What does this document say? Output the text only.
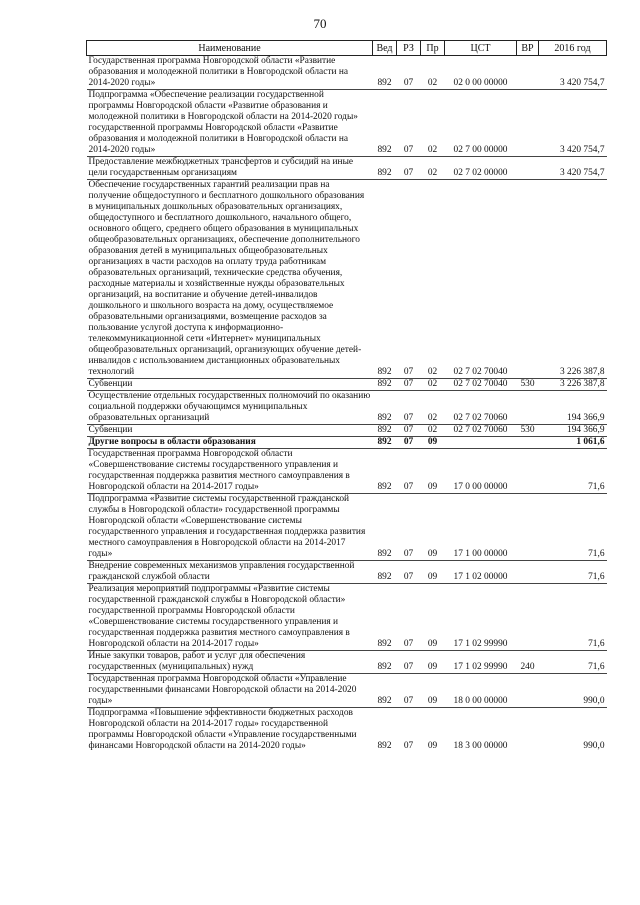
70
Наименование	Вед	РЗ	Пр	ЦСТ	ВР	2016 год
Государственная программа Новгородской области «Развитие образования и молодежной политики в Новгородской области на 2014-2020 годы»	892	07	02	02 0 00 00000		3 420 754,7
Подпрограмма «Обеспечение реализации государственной программы Новгородской области «Развитие образования и молодежной политики в Новгородской области на 2014-2020 годы» государственной программы Новгородской области «Развитие образования и молодежной политики в Новгородской области на 2014-2020 годы»	892	07	02	02 7 00 00000		3 420 754,7
Предоставление межбюджетных трансфертов и субсидий на иные цели государственным организациям	892	07	02	02 7 02 00000		3 420 754,7
Обеспечение государственных гарантий реализации прав на получение общедоступного и бесплатного дошкольного образования в муниципальных дошкольных образовательных организациях, общедоступного и бесплатного дошкольного, начального общего, основного общего, среднего общего образования в муниципальных общеобразовательных организациях, обеспечение дополнительного образования детей в муниципальных общеобразовательных организациях в части расходов на оплату труда работникам образовательных организаций, технические средства обучения, расходные материалы и хозяйственные нужды образовательных организаций, на воспитание и обучение детей-инвалидов дошкольного и школьного возраста на дому, осуществляемое образовательными организациями, возмещение расходов за пользование услугой доступа к информационно-телекоммуникационной сети «Интернет» муниципальных общеобразовательных организаций, организующих обучение детей-инвалидов с использованием дистанционных образовательных технологий	892	07	02	02 7 02 70040		3 226 387,8
Субвенции	892	07	02	02 7 02 70040	530	3 226 387,8
Осуществление отдельных государственных полномочий по оказанию социальной поддержки обучающимся муниципальных образовательных организаций	892	07	02	02 7 02 70060		194 366,9
Субвенции	892	07	02	02 7 02 70060	530	194 366,9
Другие вопросы в области образования	892	07	09			1 061,6
Государственная программа Новгородской области «Совершенствование системы государственного управления и государственная поддержка развития местного самоуправления в Новгородской области на 2014-2017 годы»	892	07	09	17 0 00 00000		71,6
Подпрограмма «Развитие системы государственной гражданской службы в Новгородской области» государственной программы Новгородской области «Совершенствование системы государственного управления и государственная поддержка развития местного самоуправления в Новгородской области на 2014-2017 годы»	892	07	09	17 1 00 00000		71,6
Внедрение современных механизмов управления государственной гражданской службой области	892	07	09	17 1 02 00000		71,6
Реализация мероприятий подпрограммы «Развитие системы государственной гражданской службы в Новгородской области» государственной программы Новгородской области «Совершенствование системы государственного управления и государственная поддержка развития местного самоуправления в Новгородской области на 2014-2017 годы»	892	07	09	17 1 02 99990		71,6
Иные закупки товаров, работ и услуг для обеспечения государственных (муниципальных) нужд	892	07	09	17 1 02 99990	240	71,6
Государственная программа Новгородской области «Управление государственными финансами Новгородской области на 2014-2020 годы»	892	07	09	18 0 00 00000		990,0
Подпрограмма «Повышение эффективности бюджетных расходов Новгородской области на 2014-2017 годы» государственной программы Новгородской области «Управление государственными финансами Новгородской области на 2014-2020 годы»	892	07	09	18 3 00 00000		990,0
